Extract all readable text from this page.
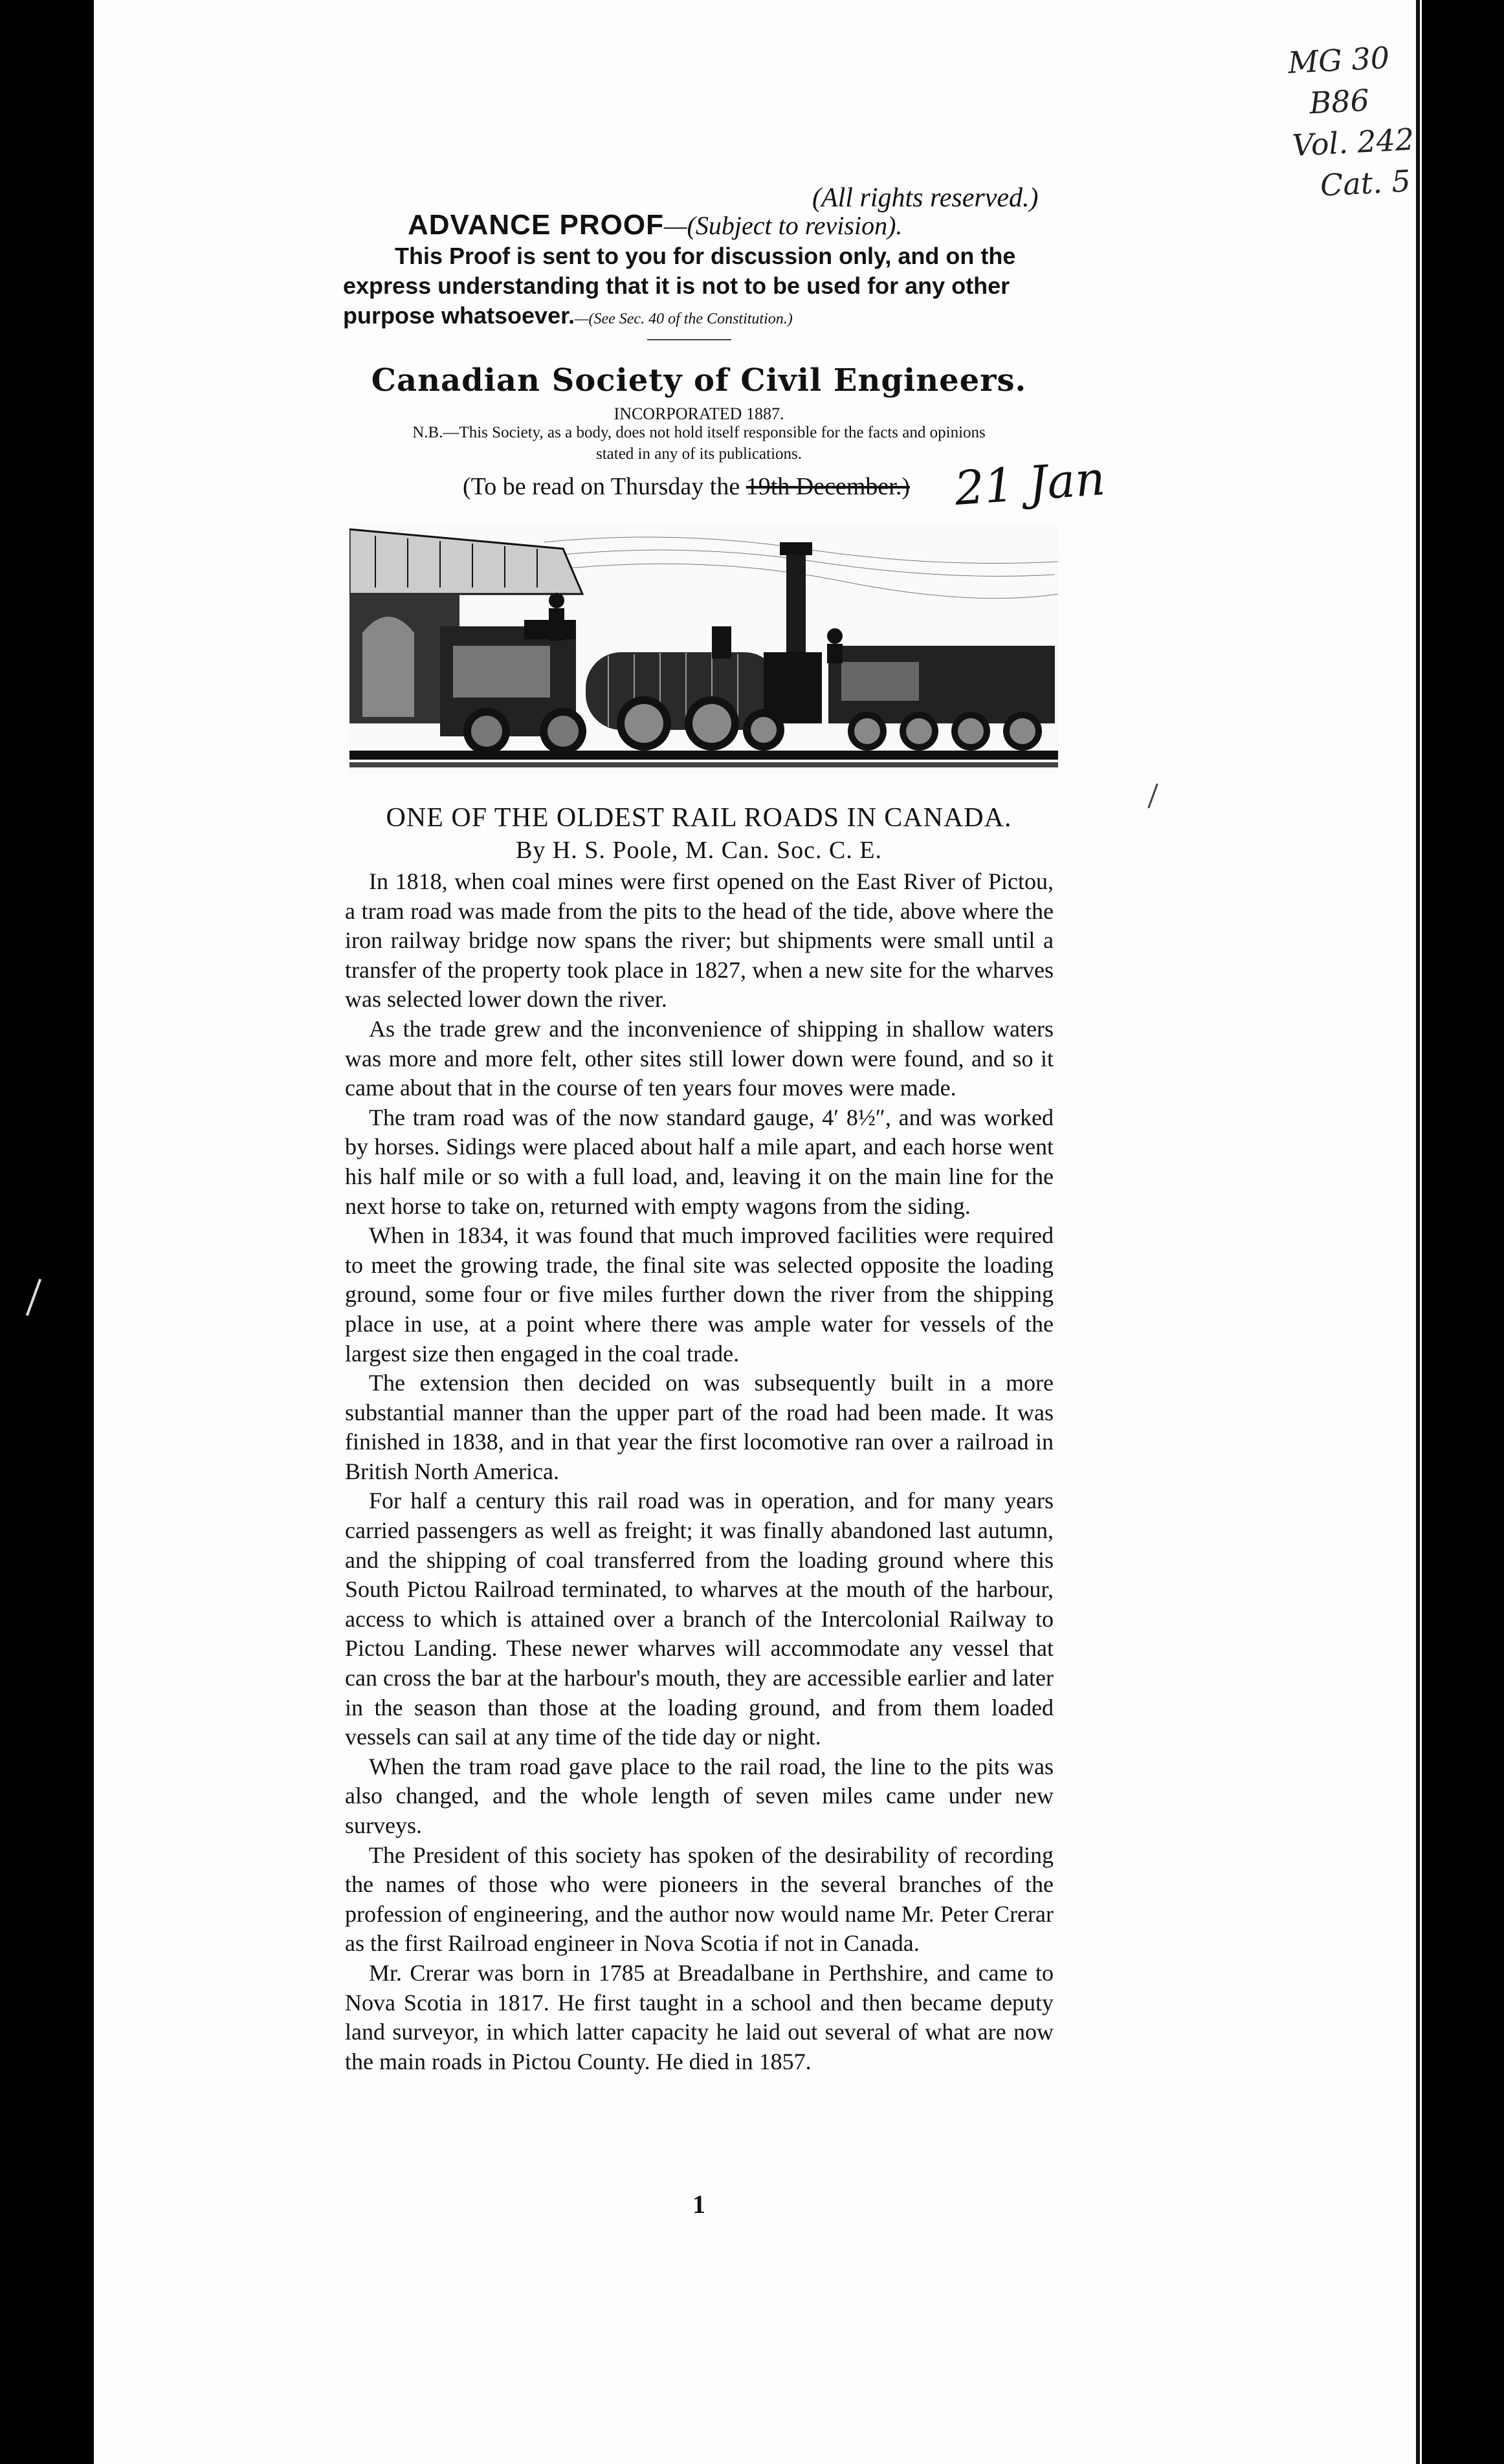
MG 30
B86
Vol. 242
Cat. 5
(All rights reserved.)
ADVANCE PROOF—(Subject to revision).
This Proof is sent to you for discussion only, and on the
express understanding that it is not to be used for any other
purpose whatsoever.—(See Sec. 40 of the Constitution.)
Canadian Society of Civil Engineers.
INCORPORATED 1887.
N.B.—This Society, as a body, does not hold itself responsible for the facts and opinions
stated in any of its publications.
(To be read on Thursday the 19th December.) 21 Jan
ONE OF THE OLDEST RAIL ROADS IN CANADA.
By H. S. Poole, M. Can. Soc. C. E.

In 1818, when coal mines were first opened on the East River of Pictou, a tram road was made from the pits to the head of the tide, above where the iron railway bridge now spans the river; but shipments were small until a transfer of the property took place in 1827, when a new site for the wharves was selected lower down the river.

As the trade grew and the inconvenience of shipping in shallow waters was more and more felt, other sites still lower down were found, and so it came about that in the course of ten years four moves were made.

The tram road was of the now standard gauge, 4′ 8½″, and was worked by horses. Sidings were placed about half a mile apart, and each horse went his half mile or so with a full load, and, leaving it on the main line for the next horse to take on, returned with empty wagons from the siding.

When in 1834, it was found that much improved facilities were required to meet the growing trade, the final site was selected opposite the loading ground, some four or five miles further down the river from the shipping place in use, at a point where there was ample water for vessels of the largest size then engaged in the coal trade.

The extension then decided on was subsequently built in a more substantial manner than the upper part of the road had been made. It was finished in 1838, and in that year the first locomotive ran over a railroad in British North America.

For half a century this rail road was in operation, and for many years carried passengers as well as freight; it was finally abandoned last autumn, and the shipping of coal transferred from the loading ground where this South Pictou Railroad terminated, to wharves at the mouth of the harbour, access to which is attained over a branch of the Intercolonial Railway to Pictou Landing. These newer wharves will accommodate any vessel that can cross the bar at the harbour's mouth, they are accessible earlier and later in the season than those at the loading ground, and from them loaded vessels can sail at any time of the tide day or night.

When the tram road gave place to the rail road, the line to the pits was also changed, and the whole length of seven miles came under new surveys.

The President of this society has spoken of the desirability of recording the names of those who were pioneers in the several branches of the profession of engineering, and the author now would name Mr. Peter Crerar as the first Railroad engineer in Nova Scotia if not in Canada.

Mr. Crerar was born in 1785 at Breadalbane in Perthshire, and came to Nova Scotia in 1817. He first taught in a school and then became deputy land surveyor, in which latter capacity he laid out several of what are now the main roads in Pictou County. He died in 1857.

1
